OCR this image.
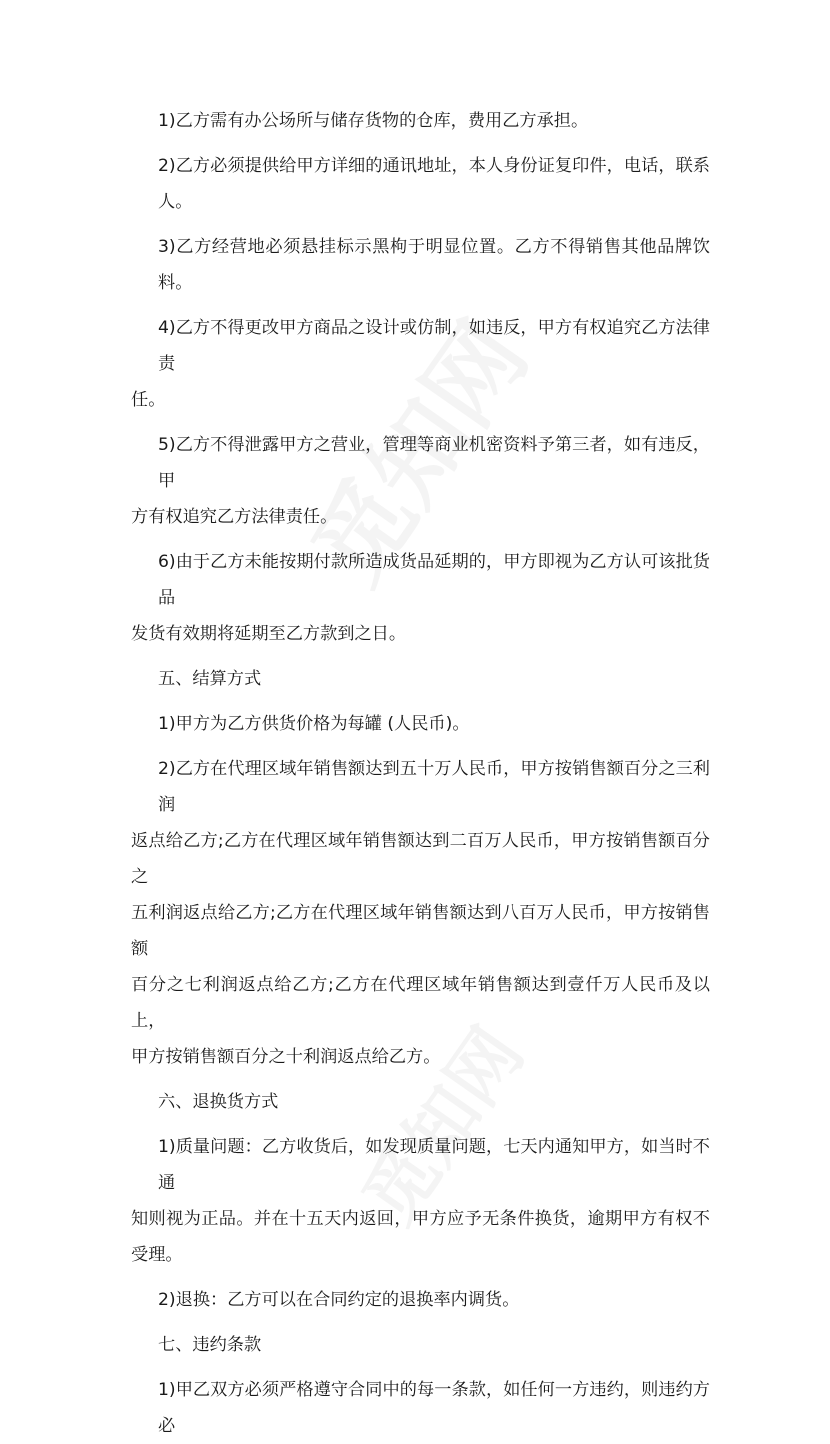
1)乙方需有办公场所与储存货物的仓库，费用乙方承担。

2)乙方必须提供给甲方详细的通讯地址，本人身份证复印件，电话，联系人。

3)乙方经营地必须悬挂标示黑枸于明显位置。乙方不得销售其他品牌饮料。

4)乙方不得更改甲方商品之设计或仿制，如违反，甲方有权追究乙方法律责

任。

5)乙方不得泄露甲方之营业，管理等商业机密资料予第三者，如有违反，甲

方有权追究乙方法律责任。

6)由于乙方未能按期付款所造成货品延期的，甲方即视为乙方认可该批货品

发货有效期将延期至乙方款到之日。

五、结算方式

1)甲方为乙方供货价格为每罐 (人民币)。

2)乙方在代理区域年销售额达到五十万人民币，甲方按销售额百分之三利润

返点给乙方;乙方在代理区域年销售额达到二百万人民币，甲方按销售额百分之

五利润返点给乙方;乙方在代理区域年销售额达到八百万人民币，甲方按销售额

百分之七利润返点给乙方;乙方在代理区域年销售额达到壹仟万人民币及以上，

甲方按销售额百分之十利润返点给乙方。

六、退换货方式

1)质量问题：乙方收货后，如发现质量问题，七天内通知甲方，如当时不通

知则视为正品。并在十五天内返回，甲方应予无条件换货，逾期甲方有权不受理。

2)退换：乙方可以在合同约定的退换率内调货。

七、违约条款

1)甲乙双方必须严格遵守合同中的每一条款，如任何一方违约，则违约方必
